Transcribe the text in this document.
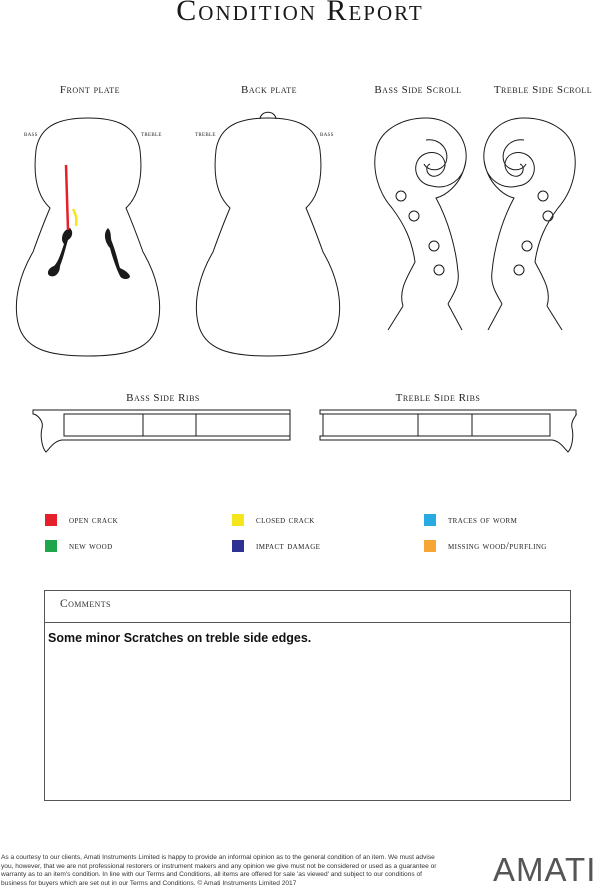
Condition Report
Front plate	Back plate	Bass Side Scroll	Treble Side Scroll
bass	treble	treble	bass
Bass Side Ribs	Treble Side Ribs
open crack	closed crack	traces of worm
new wood	impact damage	missing wood/purfling
Comments
Some minor Scratches on treble side edges.
As a courtesy to our clients, Amati Instruments Limited is happy to provide an informal opinion as to the general condition of an item. We must advise you, however, that we are not professional restorers or instrument makers and any opinion we give must not be considered or used as a guarantee or warranty as to an item's condition. In line with our Terms and Conditions, all items are offered for sale 'as viewed' and subject to our conditions of business for buyers which are set out in our Terms and Conditions. © Amati Instruments Limited 2017	AMATI
